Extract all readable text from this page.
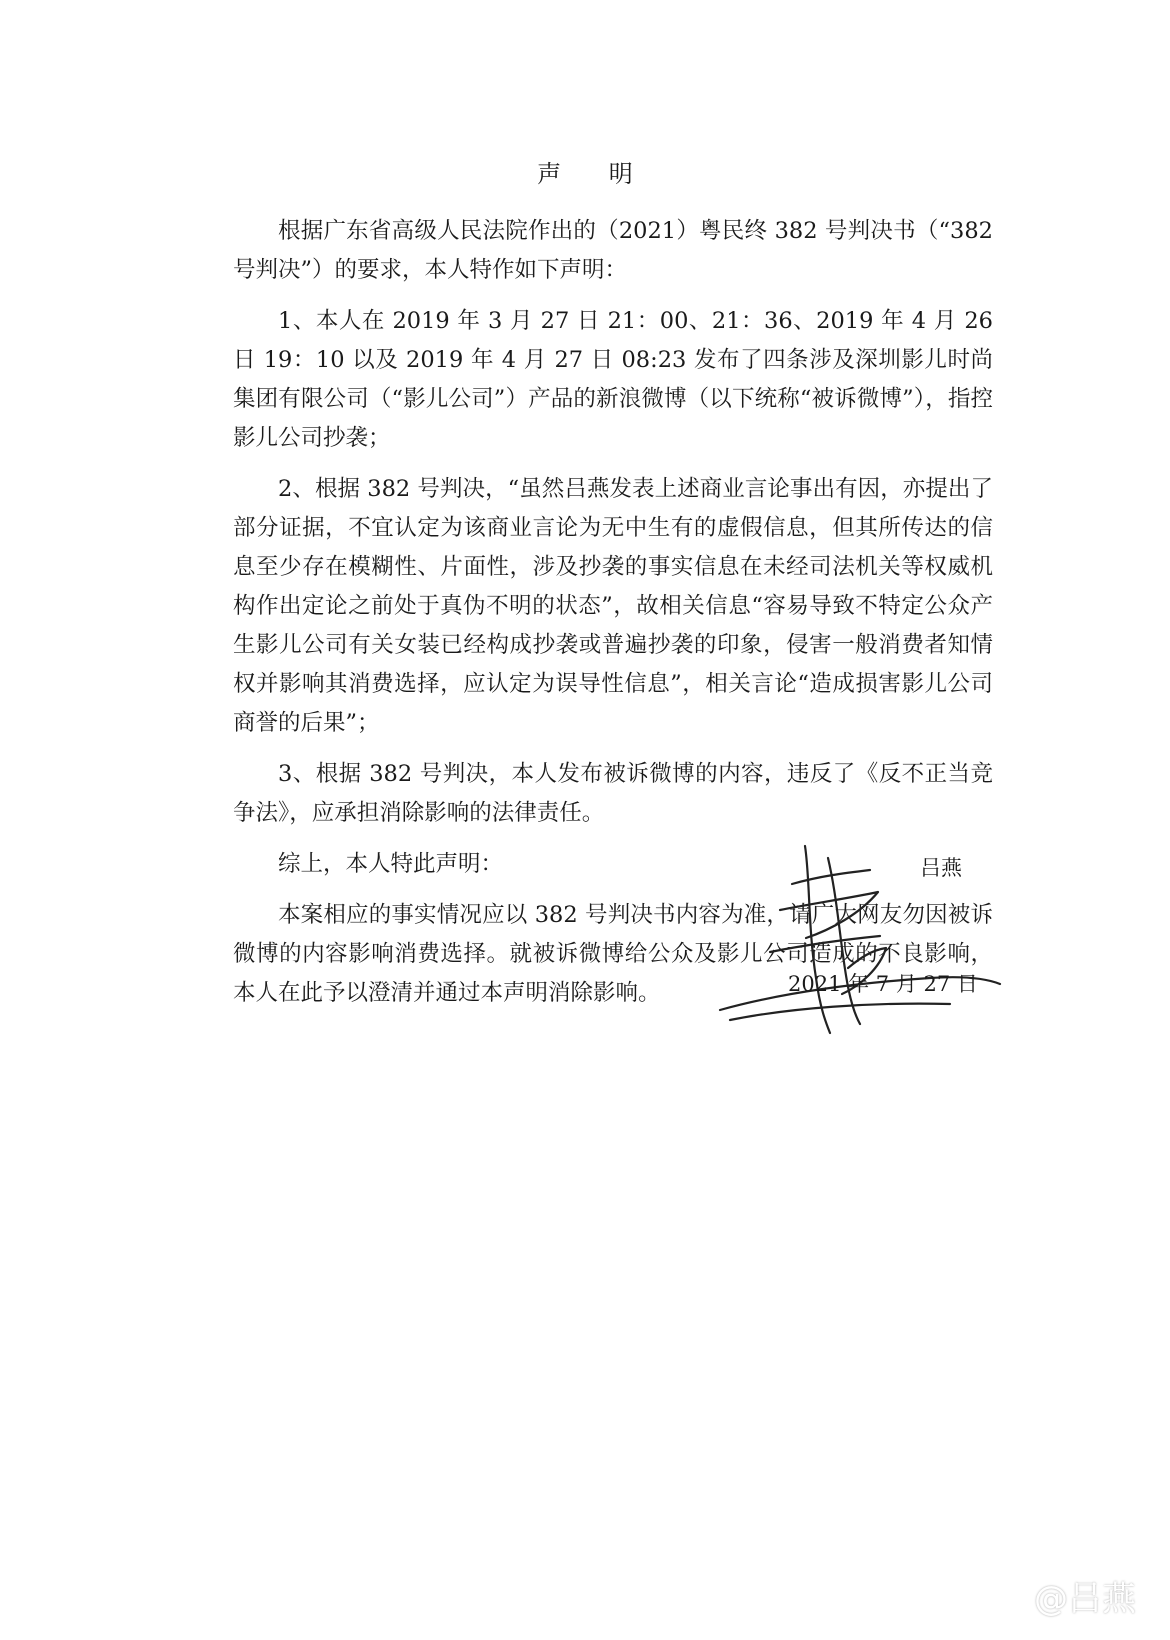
声 明

根据广东省高级人民法院作出的（2021）粤民终 382 号判决书（“382 号判决”）的要求，本人特作如下声明：

1、本人在 2019 年 3 月 27 日 21：00、21：36、2019 年 4 月 26 日 19：10 以及 2019 年 4 月 27 日 08:23 发布了四条涉及深圳影儿时尚集团有限公司（“影儿公司”）产品的新浪微博（以下统称“被诉微博”），指控影儿公司抄袭；

2、根据 382 号判决，“虽然吕燕发表上述商业言论事出有因，亦提出了部分证据，不宜认定为该商业言论为无中生有的虚假信息，但其所传达的信息至少存在模糊性、片面性，涉及抄袭的事实信息在未经司法机关等权威机构作出定论之前处于真伪不明的状态”，故相关信息“容易导致不特定公众产生影儿公司有关女装已经构成抄袭或普遍抄袭的印象，侵害一般消费者知情权并影响其消费选择，应认定为误导性信息”，相关言论“造成损害影儿公司商誉的后果”；

3、根据 382 号判决，本人发布被诉微博的内容，违反了《反不正当竞争法》，应承担消除影响的法律责任。

综上，本人特此声明：

本案相应的事实情况应以 382 号判决书内容为准，请广大网友勿因被诉微博的内容影响消费选择。就被诉微博给公众及影儿公司造成的不良影响，本人在此予以澄清并通过本声明消除影响。

吕燕
2021 年 7 月 27 日
@吕燕
